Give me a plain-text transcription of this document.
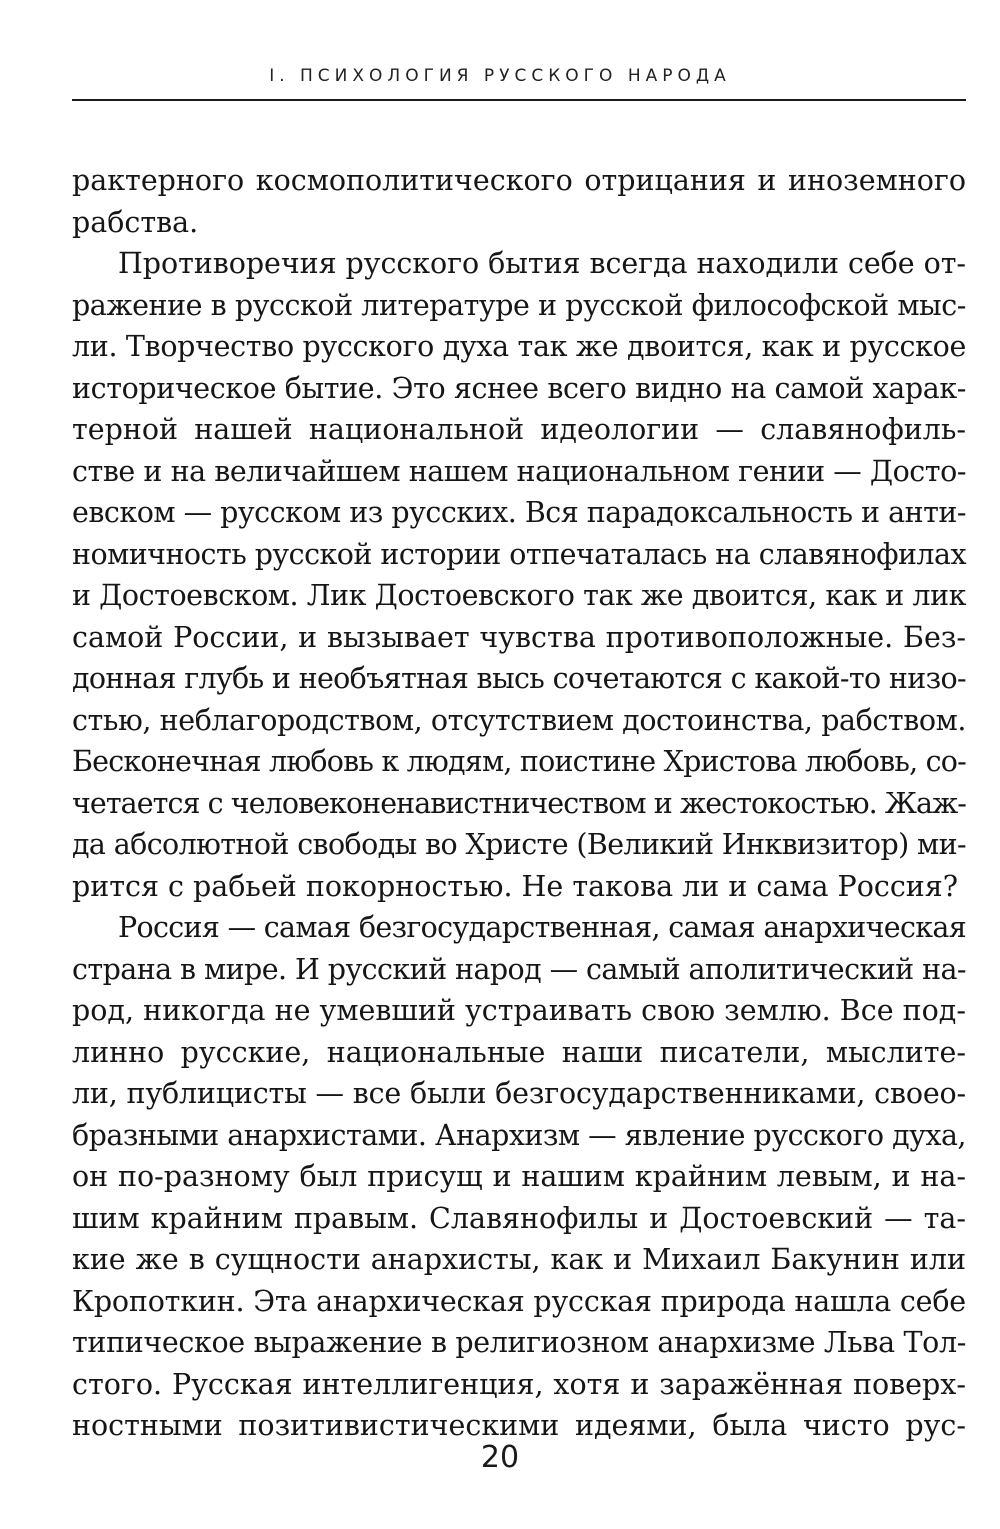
I. ПСИХОЛОГИЯ РУССКОГО НАРОДА
рактерного космополитического отрицания и иноземного
рабства.
Противоречия русского бытия всегда находили себе от-
ражение в русской литературе и русской философской мыс-
ли. Творчество русского духа так же двоится, как и русское
историческое бытие. Это яснее всего видно на самой харак-
терной нашей национальной идеологии — славянофиль-
стве и на величайшем нашем национальном гении — Досто-
евском — русском из русских. Вся парадоксальность и анти-
номичность русской истории отпечаталась на славянофилах
и Достоевском. Лик Достоевского так же двоится, как и лик
самой России, и вызывает чувства противоположные. Без-
донная глубь и необъятная высь сочетаются с какой-то низо-
стью, неблагородством, отсутствием достоинства, рабством.
Бесконечная любовь к людям, поистине Христова любовь, со-
четается с человеконенавистничеством и жестокостью. Жаж-
да абсолютной свободы во Христе (Великий Инквизитор) ми-
рится с рабьей покорностью. Не такова ли и сама Россия?
Россия — самая безгосударственная, самая анархическая
страна в мире. И русский народ — самый аполитический на-
род, никогда не умевший устраивать свою землю. Все под-
линно русские, национальные наши писатели, мыслите-
ли, публицисты — все были безгосударственниками, своео-
бразными анархистами. Анархизм — явление русского духа,
он по-разному был присущ и нашим крайним левым, и на-
шим крайним правым. Славянофилы и Достоевский — та-
кие же в сущности анархисты, как и Михаил Бакунин или
Кропоткин. Эта анархическая русская природа нашла себе
типическое выражение в религиозном анархизме Льва Тол-
стого. Русская интеллигенция, хотя и заражённая поверх-
ностными позитивистическими идеями, была чисто рус-
20
